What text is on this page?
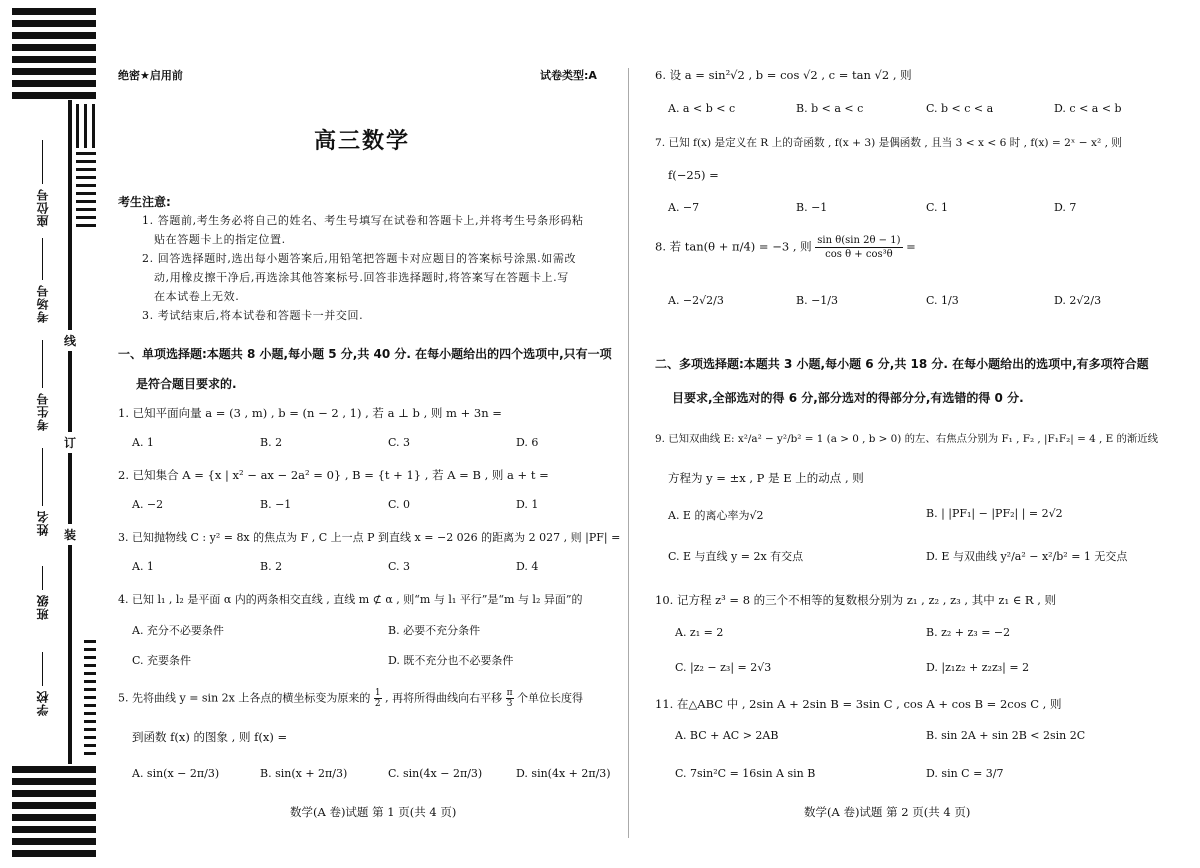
座位号
考场号
考生号
姓名
班级
学校
线
订
装
绝密★启用前	试卷类型:A
高三数学
考生注意:
1. 答题前,考生务必将自己的姓名、考生号填写在试卷和答题卡上,并将考生号条形码粘
贴在答题卡上的指定位置.
2. 回答选择题时,选出每小题答案后,用铅笔把答题卡对应题目的答案标号涂黑.如需改
动,用橡皮擦干净后,再选涂其他答案标号.回答非选择题时,将答案写在答题卡上.写
在本试卷上无效.
3. 考试结束后,将本试卷和答题卡一并交回.
一、单项选择题:本题共 8 小题,每小题 5 分,共 40 分. 在每小题给出的四个选项中,只有一项
是符合题目要求的.
1. 已知平面向量 a = (3 , m) , b = (n − 2 , 1) , 若 a ⊥ b , 则 m + 3n =
A. 1	B. 2	C. 3	D. 6
2. 已知集合 A = {x | x² − ax − 2a² = 0} , B = {t + 1} , 若 A = B , 则 a + t =
A. −2	B. −1	C. 0	D. 1
3. 已知抛物线 C : y² = 8x 的焦点为 F , C 上一点 P 到直线 x = −2 026 的距离为 2 027 , 则 |PF| =
A. 1	B. 2	C. 3	D. 4
4. 已知 l₁ , l₂ 是平面 α 内的两条相交直线 , 直线 m ⊄ α , 则“m 与 l₁ 平行”是“m 与 l₂ 异面”的
A. 充分不必要条件	B. 必要不充分条件
C. 充要条件	D. 既不充分也不必要条件
5. 先将曲线 y = sin 2x 上各点的横坐标变为原来的 $\frac{1}{2}$ , 再将所得曲线向右平移 $\frac{\pi}{3}$ 个单位长度得
到函数 f(x) 的图象 , 则 f(x) =
A. sin(x − 2π/3)	B. sin(x + 2π/3)	C. sin(4x − 2π/3)	D. sin(4x + 2π/3)
数学(A 卷)试题 第 1 页(共 4 页)
6. 设 a = sin²√2 , b = cos √2 , c = tan √2 , 则
A. a < b < c	B. b < a < c	C. b < c < a	D. c < a < b
7. 已知 f(x) 是定义在 R 上的奇函数 , f(x + 3) 是偶函数 , 且当 3 < x < 6 时 , f(x) = 2ˣ − x² , 则
f(−25) =
A. −7	B. −1	C. 1	D. 7
8. 若 tan(θ + π/4) = −3 , 则 $\frac{\text{sin θ(sin 2θ − 1)}}{\text{cos θ + cos³θ}}$ =
A. −2√2/3	B. −1/3	C. 1/3	D. 2√2/3
二、多项选择题:本题共 3 小题,每小题 6 分,共 18 分. 在每小题给出的选项中,有多项符合题
目要求,全部选对的得 6 分,部分选对的得部分分,有选错的得 0 分.
9. 已知双曲线 E: x²/a² − y²/b² = 1 (a > 0 , b > 0) 的左、右焦点分别为 F₁ , F₂ , |F₁F₂| = 4 , E 的渐近线
方程为 y = ±x , P 是 E 上的动点 , 则
A. E 的离心率为√2	B. | |PF₁| − |PF₂| | = 2√2
C. E 与直线 y = 2x 有交点	D. E 与双曲线 y²/a² − x²/b² = 1 无交点
10. 记方程 z³ = 8 的三个不相等的复数根分别为 z₁ , z₂ , z₃ , 其中 z₁ ∈ R , 则
A. z₁ = 2	B. z₂ + z₃ = −2
C. |z₂ − z₃| = 2√3	D. |z₁z₂ + z₂z₃| = 2
11. 在△ABC 中 , 2sin A + 2sin B = 3sin C , cos A + cos B = 2cos C , 则
A. BC + AC > 2AB	B. sin 2A + sin 2B < 2sin 2C
C. 7sin²C = 16sin A sin B	D. sin C = 3/7
数学(A 卷)试题 第 2 页(共 4 页)
